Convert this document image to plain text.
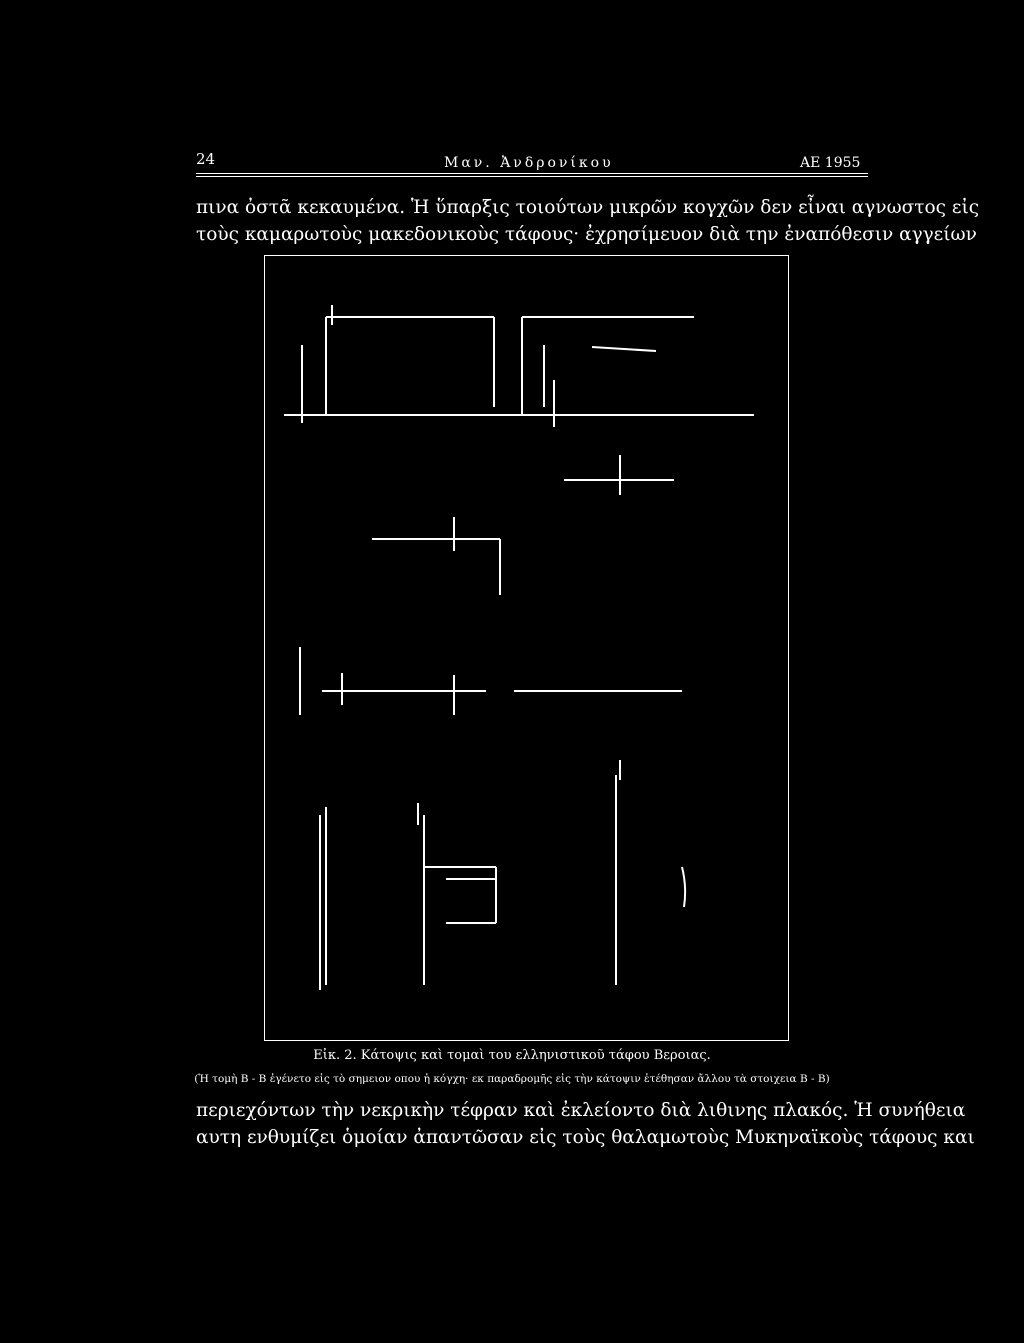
24	Μαν. Ἀνδρονίκου	ΑΕ 1955
πινα ὀστᾶ κεκαυμένα. Ἡ ὕπαρξις τοιούτων μικρῶν κογχῶν δεν εἶναι αγνωστος εἰς
τοὺς καμαρωτοὺς μακεδονικοὺς τάφους· ἐχρησίμευον διὰ την ἐναπόθεσιν αγγείων
Εἰκ. 2. Κάτοψις καὶ τομαὶ του ελληνιστικοῦ τάφου Βεροιας.
(Ἡ τομὴ Β - Β ἐγένετο εἰς τὸ σημειον οπου ἡ κόγχη· εκ παραδρομῆς εἰς τὴν κάτοψιν ἐτέθησαν ἄλλου τὰ στοιχεια Β - Β)
περιεχόντων τὴν νεκρικὴν τέφραν καὶ ἐκλείοντο διὰ λιθινης πλακός. Ἡ συνήθεια
αυτη ενθυμίζει ὁμοίαν ἀπαντῶσαν εἰς τοὺς θαλαμωτοὺς Μυκηναϊκοὺς τάφους και
